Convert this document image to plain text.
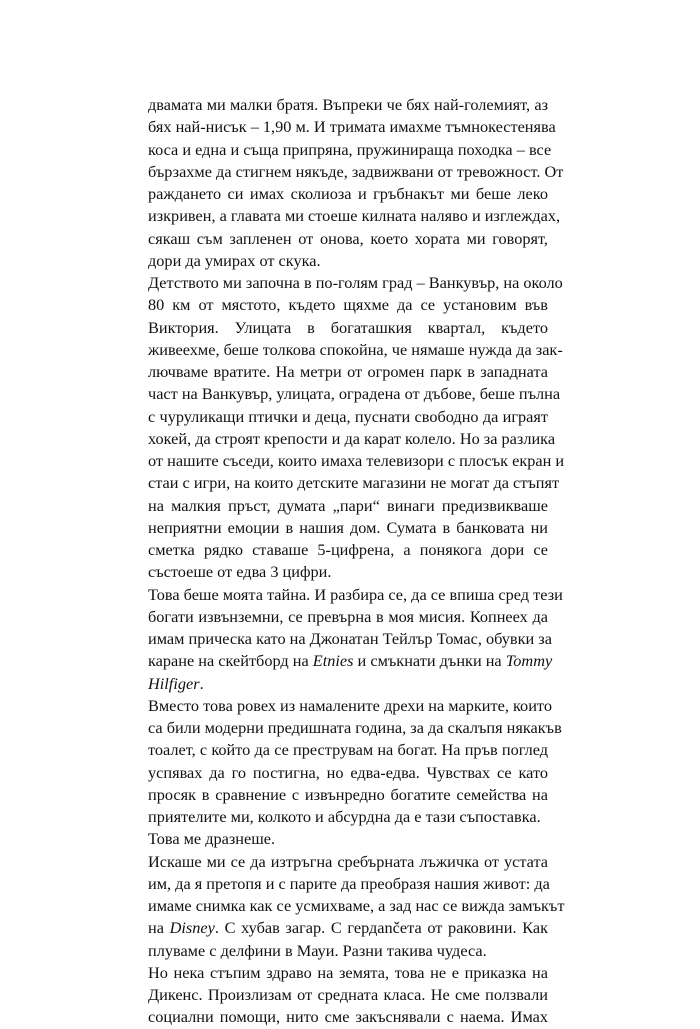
двамата ми малки братя. Въпреки че бях най-големият, аз
бях най-нисък – 1,90 м. И тримата имахме тъмнокестенява
коса и една и съща припряна, пружинираща походка – все
бързахме да стигнем някъде, задвижвани от тревожност. От
раждането си имах сколиоза и гръбнакът ми беше леко
изкривен, а главата ми стоеше килната наляво и изглеждах,
сякаш съм запленен от онова, което хората ми говорят,
дори да умирах от скука.
Детството ми започна в по-голям град – Ванкувър, на около
80 км от мястото, където щяхме да се установим във
Виктория. Улицата в богаташкия квартал, където
живеехме, беше толкова спокойна, че нямаше нужда да зак-
лючваме вратите. На метри от огромен парк в западната
част на Ванкувър, улицата, оградена от дъбове, беше пълна
с чуруликащи птички и деца, пуснати свободно да играят
хокей, да строят крепости и да карат колело. Но за разлика
от нашите съседи, които имаха телевизори с плосък екран и
стаи с игри, на които детските магазини не могат да стъпят
на малкия пръст, думата „пари“ винаги предизвикваше
неприятни емоции в нашия дом. Сумата в банковата ни
сметка рядко ставаше 5-цифрена, а понякога дори се
състоеше от едва 3 цифри.
Това беше моята тайна. И разбира се, да се впиша сред тези
богати извънземни, се превърна в моя мисия. Копнеех да
имам прическа като на Джонатан Тейлър Томас, обувки за
каране на скейтборд на Etnies и смъкнати дънки на Tommy
Hilfiger.
Вместо това ровех из намалените дрехи на марките, които
са били модерни предишната година, за да скалъпя някакъв
тоалет, с който да се преструвам на богат. На пръв поглед
успявах да го постигна, но едва-едва. Чувствах се като
просяк в сравнение с извънредно богатите семейства на
приятелите ми, колкото и абсурдна да е тази съпоставка.
Това ме дразнеше.
Искаше ми се да изтръгна сребърната лъжичка от устата
им, да я претопя и с парите да преобразя нашия живот: да
имаме снимка как се усмихваме, а зад нас се вижда замъкът
на Disney. С хубав загар. С гердančeта от раковини. Как
плуваме с делфини в Мауи. Разни такива чудеса.
Но нека стъпим здраво на земята, това не е приказка на
Дикенс. Произлизам от средната класа. Не сме ползвали
социални помощи, нито сме закъснявали с наема. Имах
